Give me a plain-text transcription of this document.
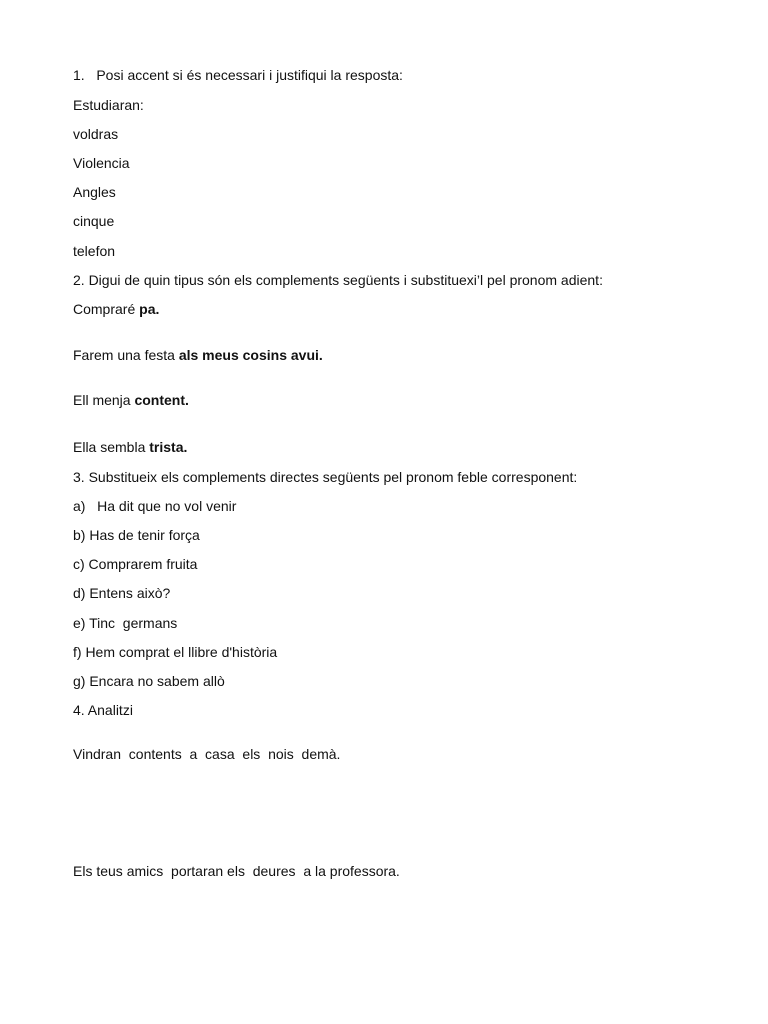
1.   Posi accent si és necessari i justifiqui la resposta:
Estudiaran:
voldras
Violencia
Angles
cinque
telefon
2. Digui de quin tipus són els complements següents i substituexi’l pel pronom adient:
Compraré pa.
Farem una festa als meus cosins avui.
Ell menja content.
Ella sembla trista.
3. Substitueix els complements directes següents pel pronom feble corresponent:
a)   Ha dit que no vol venir
b) Has de tenir força
c) Comprarem fruita
d) Entens això?
e) Tinc  germans
f) Hem comprat el llibre d'història
g) Encara no sabem allò
4. Analitzi
Vindran  contents  a  casa  els  nois  demà.
Els teus amics  portaran els  deures  a la professora.
